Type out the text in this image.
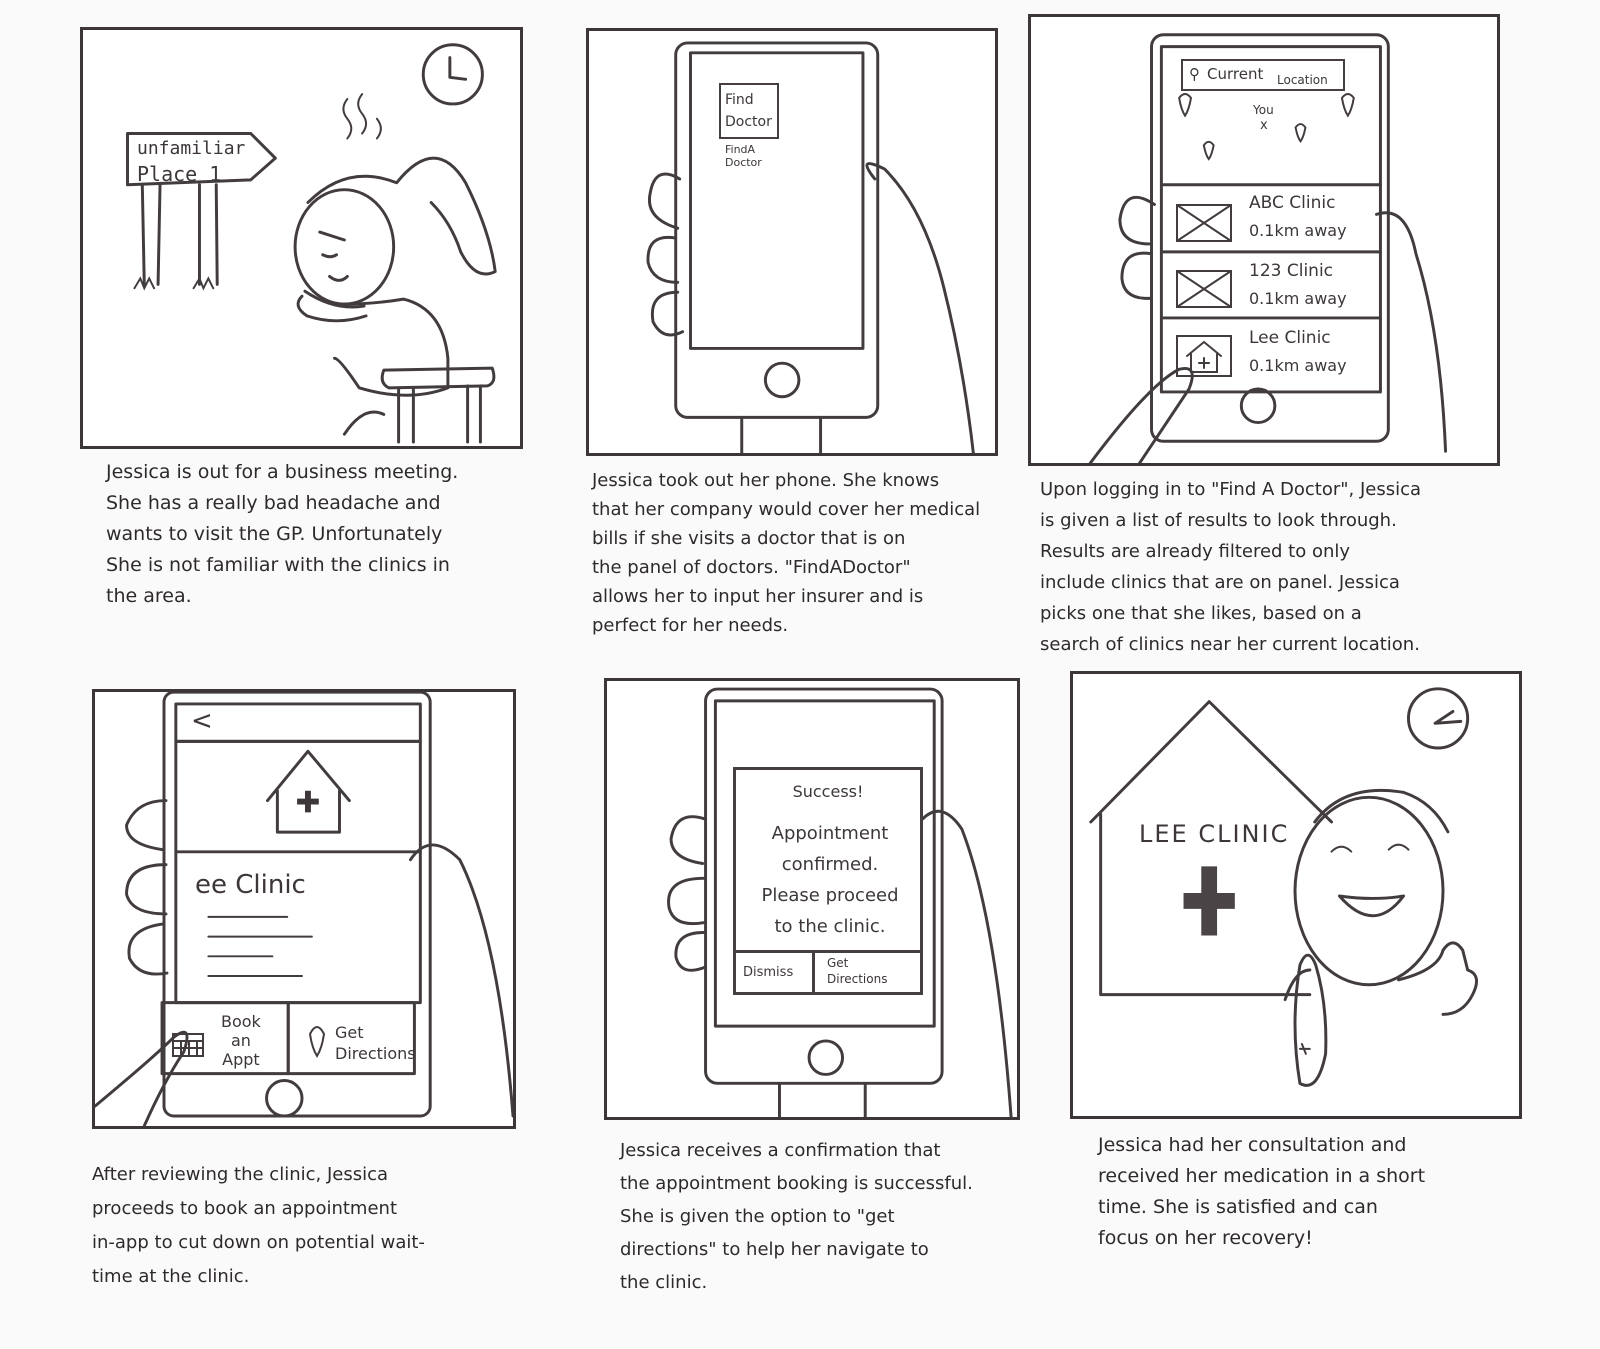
unfamiliar
Place 1
Jessica is out for a business meeting.
She has a really bad headache and
wants to visit the GP. Unfortunately
She is not familiar with the clinics in
the area.
Find
Doctor
FindA
Doctor
Jessica took out her phone. She knows
that her company would cover her medical
bills if she visits a doctor that is on
the panel of doctors. "FindADoctor"
allows her to input her insurer and is
perfect for her needs.
⚲ Current Location
You
x
ABC Clinic
0.1km away
123 Clinic
0.1km away
Lee Clinic
0.1km away
Upon logging in to "Find A Doctor", Jessica
is given a list of results to look through.
Results are already filtered to only
include clinics that are on panel. Jessica
picks one that she likes, based on a
search of clinics near her current location.
<
ee Clinic
Book
an
Appt
Get
Directions
After reviewing the clinic, Jessica
proceeds to book an appointment
in-app to cut down on potential wait-
time at the clinic.
Success!
Appointment
confirmed.
Please proceed
to the clinic.
Dismiss
Get
Directions
Jessica receives a confirmation that
the appointment booking is successful.
She is given the option to "get
directions" to help her navigate to
the clinic.
LEE CLINIC
Jessica had her consultation and
received her medication in a short
time. She is satisfied and can
focus on her recovery!
